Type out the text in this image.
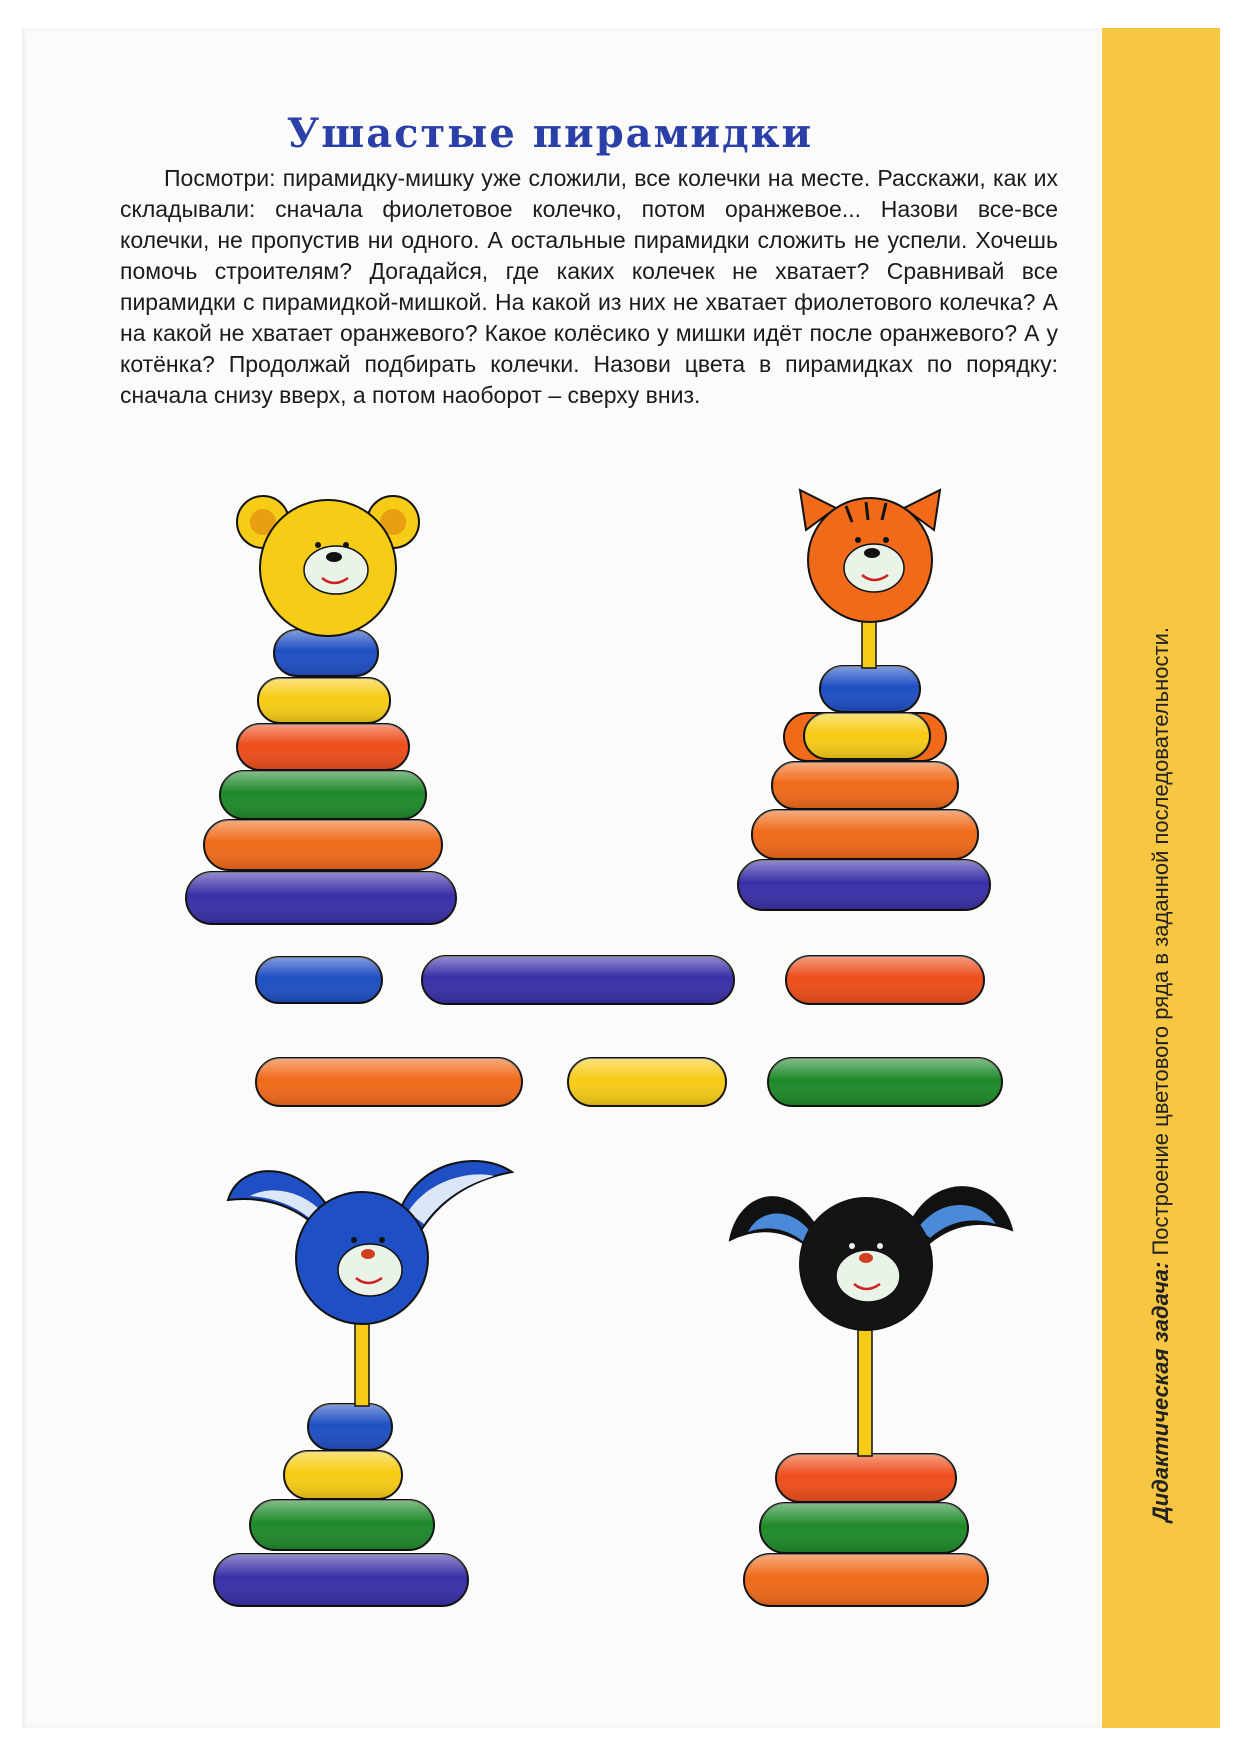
Ушастые пирамидки
Посмотри: пирамидку-мишку уже сложили, все колечки на месте. Расскажи, как их складывали: сначала фиолетовое колечко, потом оранжевое... Назови все-все колечки, не пропустив ни одного. А остальные пирамидки сложить не успели. Хочешь помочь строителям? Догадайся, где каких колечек не хватает? Сравнивай все пирамидки с пирамидкой-мишкой. На какой из них не хватает фиолетового колечка? А на какой не хватает оранжевого? Какое колёсико у мишки идёт после оранжевого? А у котёнка? Продолжай подбирать колечки. Назови цвета в пирамидках по порядку: сначала снизу вверх, а потом наоборот – сверху вниз.
Дидактическая задача: Построение цветового ряда в заданной последовательности.
